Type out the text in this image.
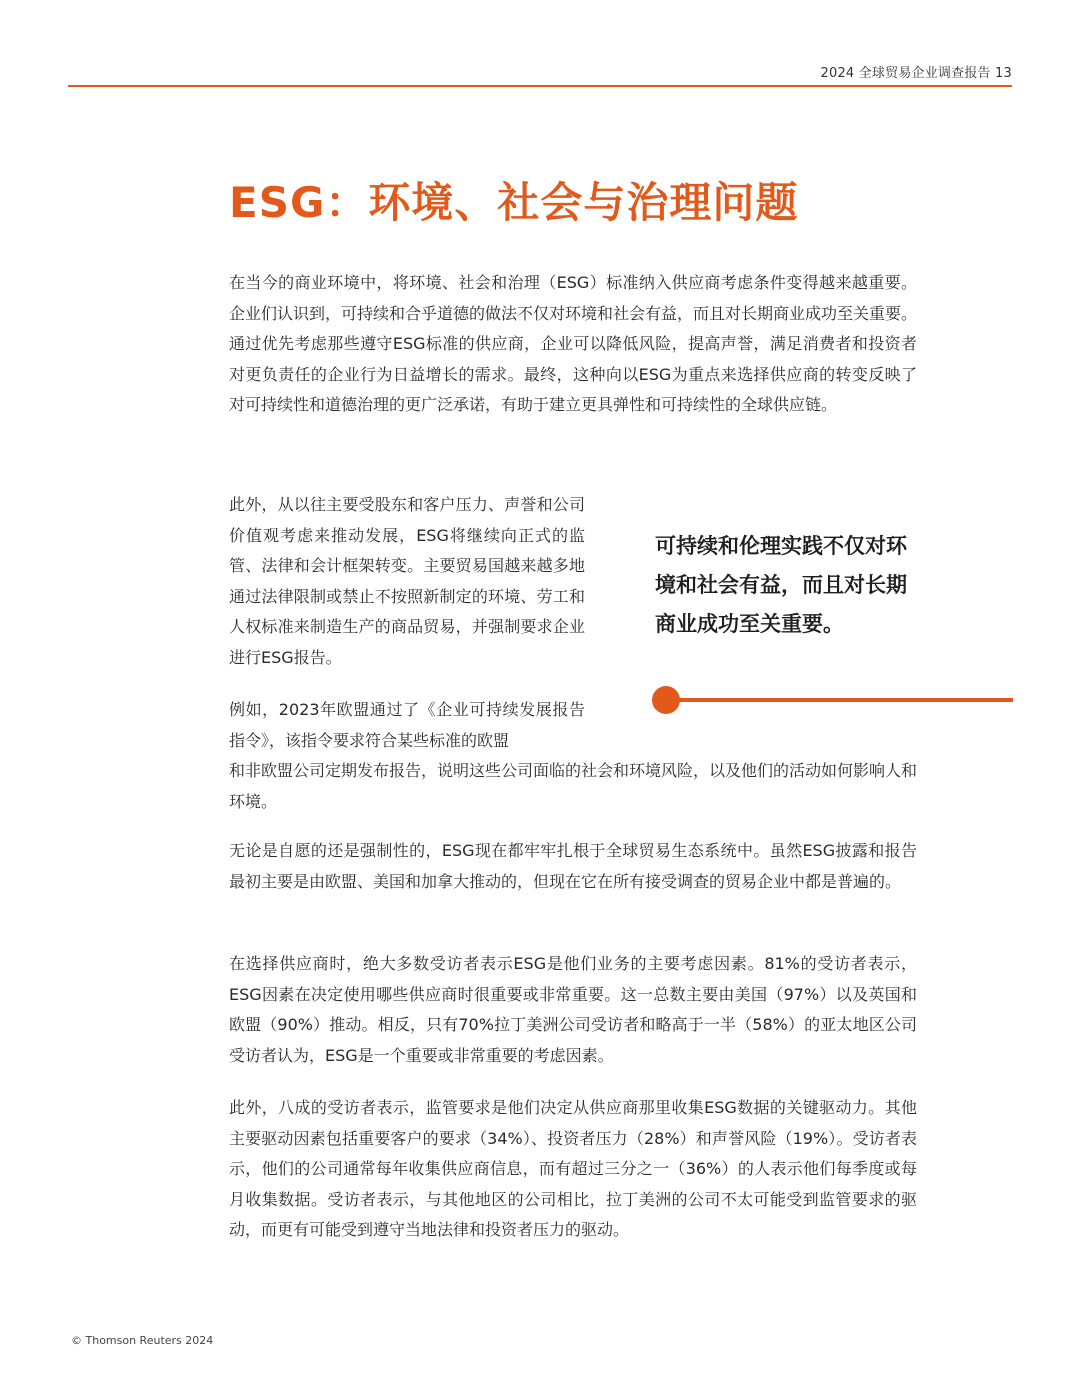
2024 全球贸易企业调查报告 13
ESG：环境、社会与治理问题

在当今的商业环境中，将环境、社会和治理（ESG）标准纳入供应商考虑条件变得越来越重要。企业们认识到，可持续和合乎道德的做法不仅对环境和社会有益，而且对长期商业成功至关重要。通过优先考虑那些遵守ESG标准的供应商，企业可以降低风险，提高声誉，满足消费者和投资者对更负责任的企业行为日益增长的需求。最终，这种向以ESG为重点来选择供应商的转变反映了对可持续性和道德治理的更广泛承诺，有助于建立更具弹性和可持续性的全球供应链。

此外，从以往主要受股东和客户压力、声誉和公司价值观考虑来推动发展，ESG将继续向正式的监管、法律和会计框架转变。主要贸易国越来越多地通过法律限制或禁止不按照新制定的环境、劳工和人权标准来制造生产的商品贸易，并强制要求企业进行ESG报告。

例如，2023年欧盟通过了《企业可持续发展报告指令》，该指令要求符合某些标准的欧盟

和非欧盟公司定期发布报告，说明这些公司面临的社会和环境风险，以及他们的活动如何影响人和环境。

可持续和伦理实践不仅对环境和社会有益，而且对长期商业成功至关重要。

无论是自愿的还是强制性的，ESG现在都牢牢扎根于全球贸易生态系统中。虽然ESG披露和报告最初主要是由欧盟、美国和加拿大推动的，但现在它在所有接受调查的贸易企业中都是普遍的。

在选择供应商时，绝大多数受访者表示ESG是他们业务的主要考虑因素。81%的受访者表示，ESG因素在决定使用哪些供应商时很重要或非常重要。这一总数主要由美国（97%）以及英国和欧盟（90%）推动。相反，只有70%拉丁美洲公司受访者和略高于一半（58%）的亚太地区公司受访者认为，ESG是一个重要或非常重要的考虑因素。

此外，八成的受访者表示，监管要求是他们决定从供应商那里收集ESG数据的关键驱动力。其他主要驱动因素包括重要客户的要求（34%）、投资者压力（28%）和声誉风险（19%）。受访者表示，他们的公司通常每年收集供应商信息，而有超过三分之一（36%）的人表示他们每季度或每月收集数据。受访者表示，与其他地区的公司相比，拉丁美洲的公司不太可能受到监管要求的驱动，而更有可能受到遵守当地法律和投资者压力的驱动。

© Thomson Reuters 2024
